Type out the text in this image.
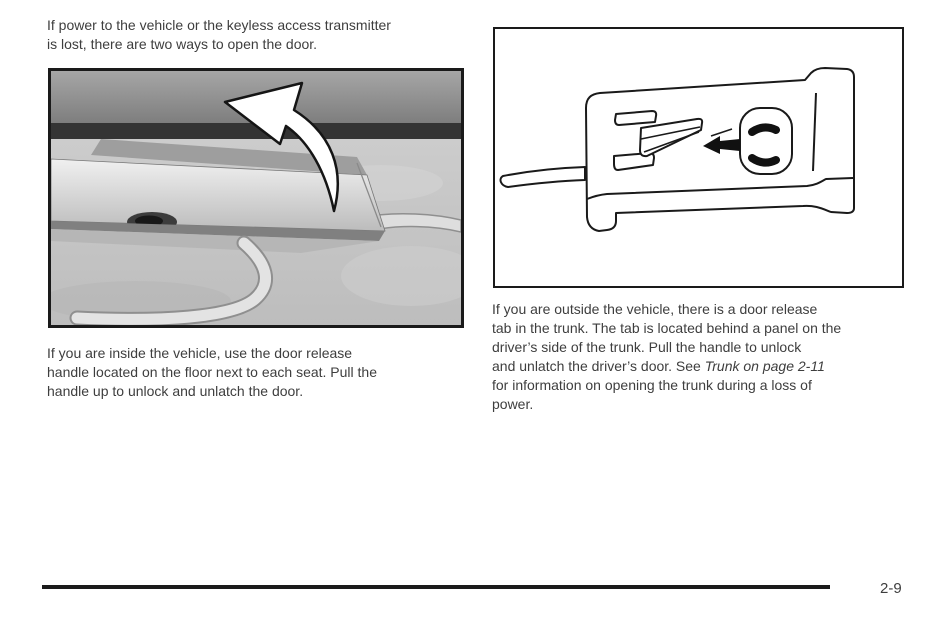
If power to the vehicle or the keyless access transmitter
is lost, there are two ways to open the door.
If you are inside the vehicle, use the door release
handle located on the floor next to each seat. Pull the
handle up to unlock and unlatch the door.
If you are outside the vehicle, there is a door release
tab in the trunk. The tab is located behind a panel on the
driver’s side of the trunk. Pull the handle to unlock
and unlatch the driver’s door. See Trunk on page 2-11
for information on opening the trunk during a loss of
power.
2-9
